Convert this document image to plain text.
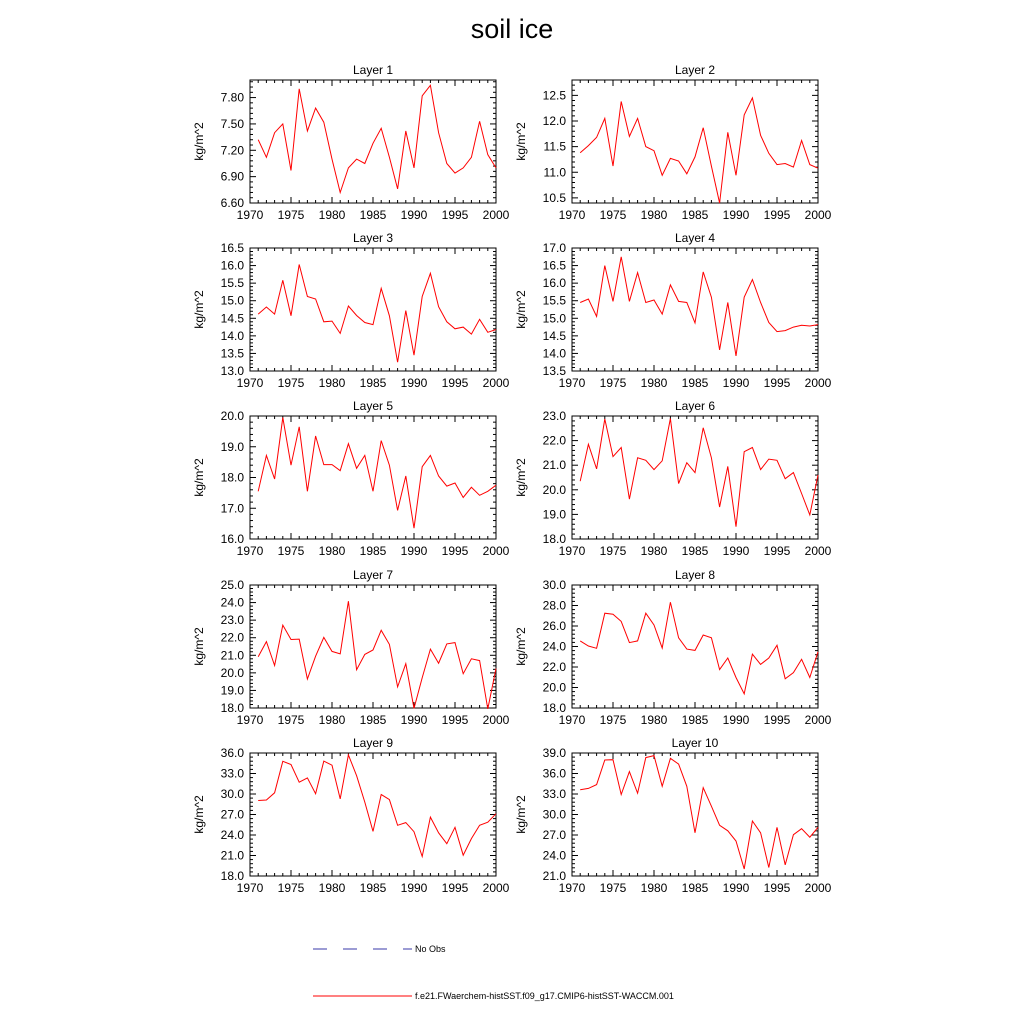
soil ice
Layer 1
1970 1975 1980 1985 1990 1995 2000
6.60
6.90
7.20
7.50
7.80
kg/m^2
Layer 2
1970 1975 1980 1985 1990 1995 2000
10.5
11.0
11.5
12.0
12.5
kg/m^2
Layer 3
1970 1975 1980 1985 1990 1995 2000
13.0
13.5
14.0
14.5
15.0
15.5
16.0
16.5
kg/m^2
Layer 4
1970 1975 1980 1985 1990 1995 2000
13.5
14.0
14.5
15.0
15.5
16.0
16.5
17.0
kg/m^2
Layer 5
1970 1975 1980 1985 1990 1995 2000
16.0
17.0
18.0
19.0
20.0
kg/m^2
Layer 6
1970 1975 1980 1985 1990 1995 2000
18.0
19.0
20.0
21.0
22.0
23.0
kg/m^2
Layer 7
1970 1975 1980 1985 1990 1995 2000
18.0
19.0
20.0
21.0
22.0
23.0
24.0
25.0
kg/m^2
Layer 8
1970 1975 1980 1985 1990 1995 2000
18.0
20.0
22.0
24.0
26.0
28.0
30.0
kg/m^2
Layer 9
1970 1975 1980 1985 1990 1995 2000
18.0
21.0
24.0
27.0
30.0
33.0
36.0
kg/m^2
Layer 10
1970 1975 1980 1985 1990 1995 2000
21.0
24.0
27.0
30.0
33.0
36.0
39.0
kg/m^2
No Obs
f.e21.FWaerchem-histSST.f09_g17.CMIP6-histSST-WACCM.001
